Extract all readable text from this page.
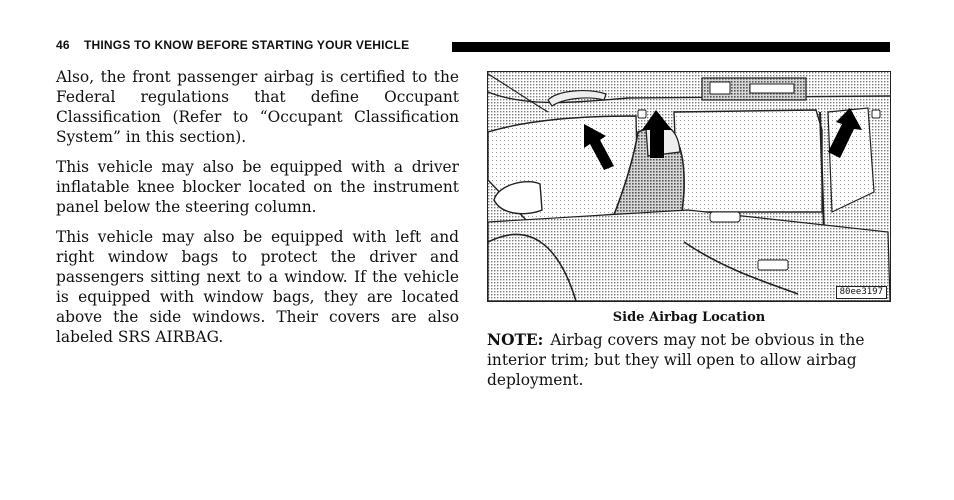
46 THINGS TO KNOW BEFORE STARTING YOUR VEHICLE

Also, the front passenger airbag is certified to the Federal regulations that define Occupant Classification (Refer to “Occupant Classification System” in this section).

This vehicle may also be equipped with a driver inflatable knee blocker located on the instrument panel below the steering column.

This vehicle may also be equipped with left and right window bags to protect the driver and passengers sitting next to a window. If the vehicle is equipped with window bags, they are located above the side windows. Their covers are also labeled SRS AIRBAG.

80ee3197
Side Airbag Location

NOTE: Airbag covers may not be obvious in the interior trim; but they will open to allow airbag deployment.
